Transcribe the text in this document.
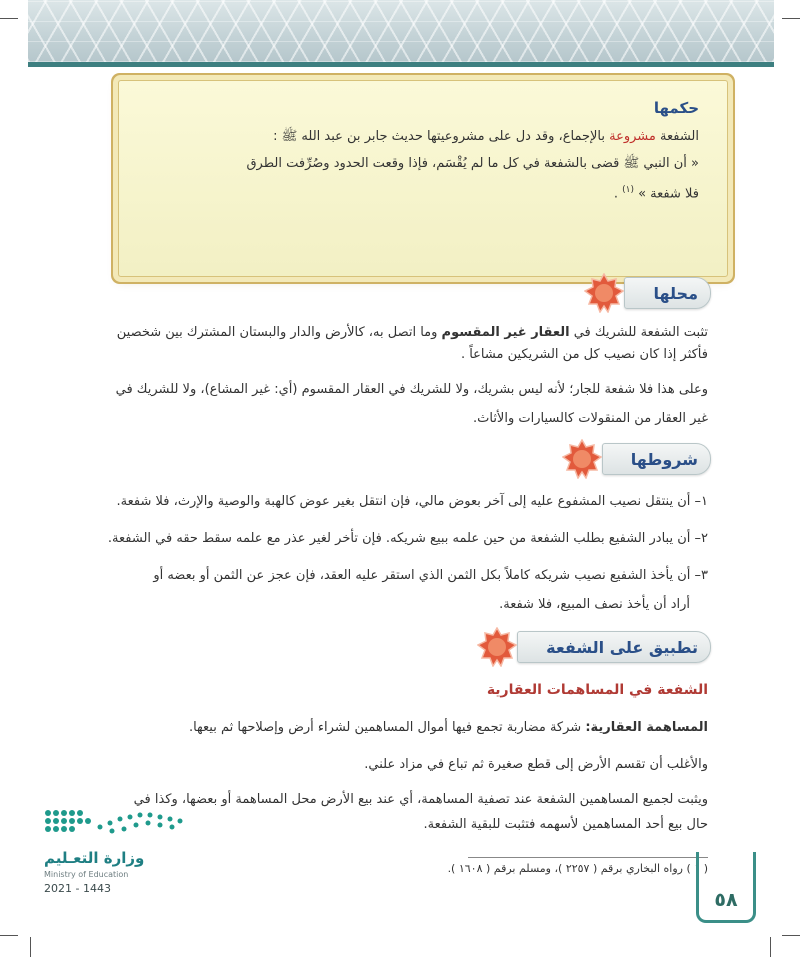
حكمها
الشفعة مشروعة بالإجماع، وقد دل على مشروعيتها حديث جابر بن عبد الله ﷺ :
« أن النبي ﷺ قضى بالشفعة في كل ما لم يُقْسَم، فإذا وقعت الحدود وصُرِّفت الطرق
فلا شفعة » $^{(١)}$ .
محلها
تثبت الشفعة للشريك في العقار غير المقسوم وما اتصل به، كالأرض والدار والبستان المشترك بين شخصين
فأكثر إذا كان نصيب كل من الشريكين مشاعاً .
وعلى هذا فلا شفعة للجار؛ لأنه ليس بشريك، ولا للشريك في العقار المقسوم (أي: غير المشاع)، ولا للشريك في
غير العقار من المنقولات كالسيارات والأثاث.
شروطها
١– أن ينتقل نصيب المشفوع عليه إلى آخر بعوض مالي، فإن انتقل بغير عوض كالهبة والوصية والإرث، فلا شفعة.
٢– أن يبادر الشفيع بطلب الشفعة من حين علمه ببيع شريكه. فإن تأخر لغير عذر مع علمه سقط حقه في الشفعة.
٣– أن يأخذ الشفيع نصيب شريكه كاملاً بكل الثمن الذي استقر عليه العقد، فإن عجز عن الثمن أو بعضه أو
أراد أن يأخذ نصف المبيع، فلا شفعة.
تطبيق على الشفعة
الشفعة في المساهمات العقارية
المساهمة العقارية: شركة مضاربة تجمع فيها أموال المساهمين لشراء أرض وإصلاحها ثم بيعها.
والأغلب أن تقسم الأرض إلى قطع صغيرة ثم تباع في مزاد علني.
ويثبت لجميع المساهمين الشفعة عند تصفية المساهمة، أي عند بيع الأرض محل المساهمة أو بعضها، وكذا في
حال بيع أحد المساهمين لأسهمه فتثبت للبقية الشفعة.
) رواه البخاري برقم ( ٢٢٥٧ )، ومسلم برقم ( ١٦٠٨ ).
وزارة التعـليم
Ministry of Education
2021 - 1443
٥٨
